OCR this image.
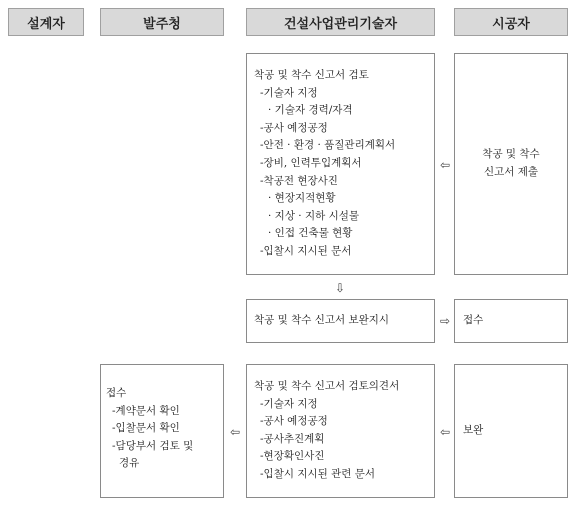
설계자	발주청	건설사업관리기술자	시공자
착공 및 착수 신고서 검토
-기술자 지정
· 기술자 경력/자격
-공사 예정공정
-안전 · 환경 · 품질관리계획서
-장비, 인력투입계획서
-착공전 현장사진
· 현장지적현황
· 지상 · 지하 시설물
· 인접 건축물 현황
-입찰시 지시된 문서
착공 및 착수
신고서 제출
⇦
⇩
착공 및 착수 신고서 보완지시	⇨ 접수
접수
-계약문서 확인
-입찰문서 확인
-담당부서 검토 및
경유
⇦
착공 및 착수 신고서 검토의견서
-기술자 지정
-공사 예정공정
-공사추진계획
-현장확인사진
-입찰시 지시된 관련 문서
⇦ 보완
